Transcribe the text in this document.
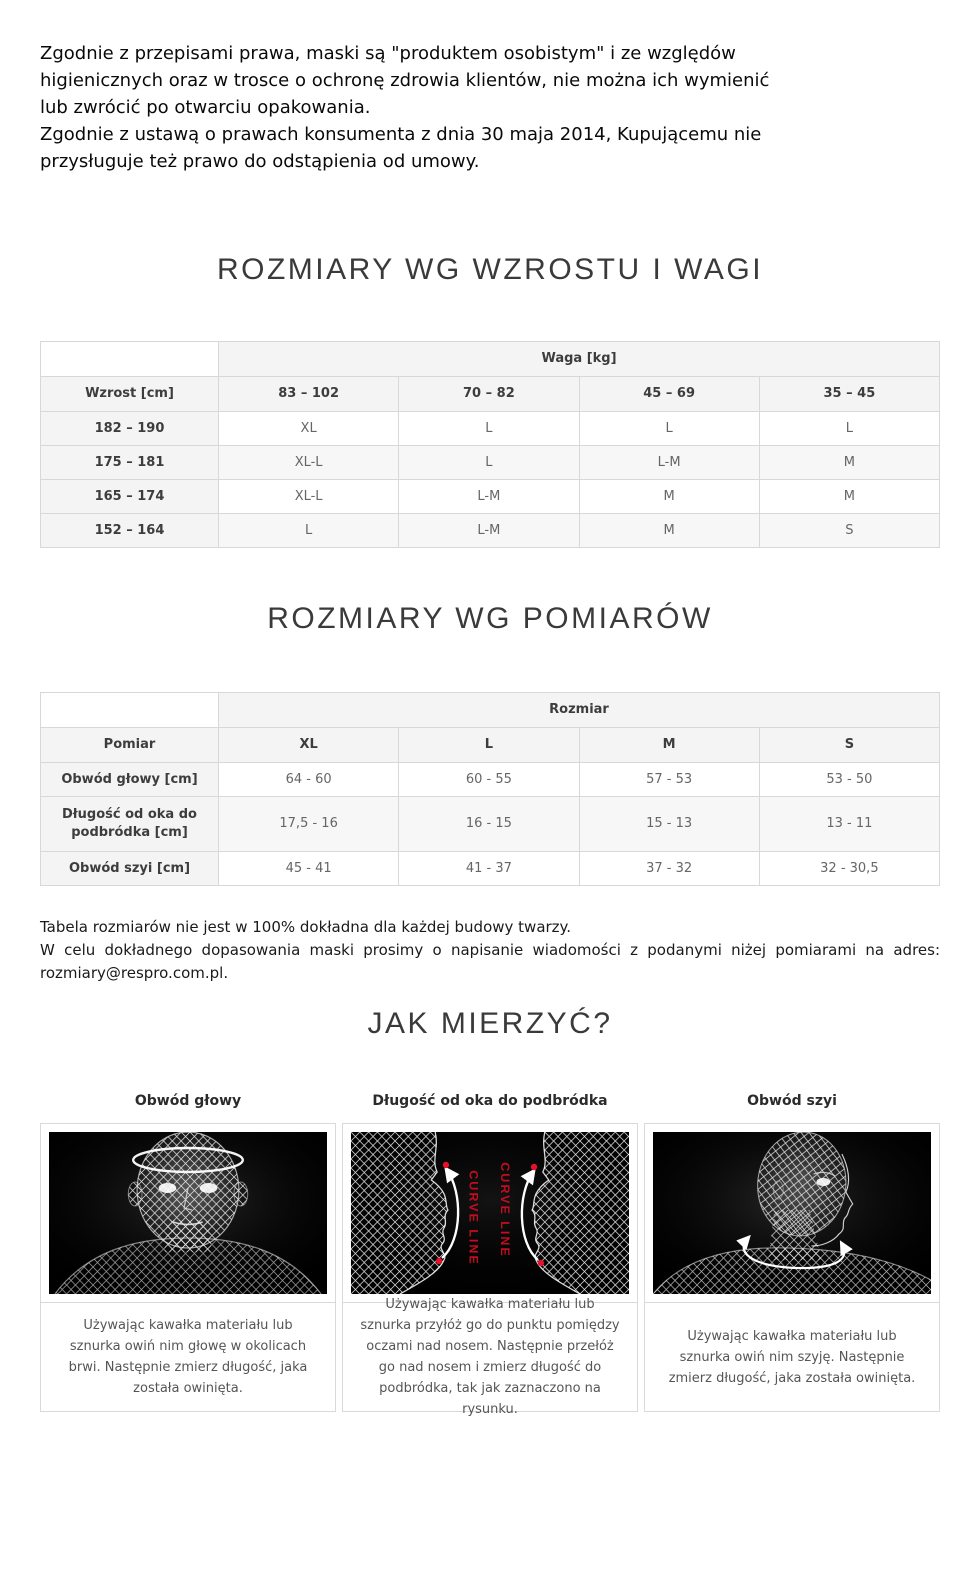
Zgodnie z przepisami prawa, maski są "produktem osobistym" i ze względów
higienicznych oraz w trosce o ochronę zdrowia klientów, nie można ich wymienić
lub zwrócić po otwarciu opakowania.
Zgodnie z ustawą o prawach konsumenta z dnia 30 maja 2014, Kupującemu nie
przysługuje też prawo do odstąpienia od umowy.
ROZMIARY WG WZROSTU I WAGI
	Waga [kg]			
Wzrost [cm]	83 – 102	70 – 82	45 – 69	35 – 45
182 – 190	XL	L	L	L
175 – 181	XL-L	L	L-M	M
165 – 174	XL-L	L-M	M	M
152 – 164	L	L-M	M	S
ROZMIARY WG POMIARÓW
	Rozmiar			
Pomiar	XL	L	M	S
Obwód głowy [cm]	64 - 60	60 - 55	57 - 53	53 - 50
Długość od oka do podbródka [cm]	17,5 - 16	16 - 15	15 - 13	13 - 11
Obwód szyi [cm]	45 - 41	41 - 37	37 - 32	32 - 30,5
Tabela rozmiarów nie jest w 100% dokładna dla każdej budowy twarzy.
W celu dokładnego dopasowania maski prosimy o napisanie wiadomości z podanymi niżej pomiarami na adres:
rozmiary@respro.com.pl.
JAK MIERZYĆ?
Obwód głowy	Długość od oka do podbródka	Obwód szyi
Używając kawałka materiału lub sznurka owiń nim głowę w okolicach brwi. Następnie zmierz długość, jaka została owinięta.
CURVE LINE CURVE LINE
Używając kawałka materiału lub sznurka przyłóż go do punktu pomiędzy oczami nad nosem. Następnie przełóż go nad nosem i zmierz długość do podbródka, tak jak zaznaczono na rysunku.
Używając kawałka materiału lub sznurka owiń nim szyję. Następnie zmierz długość, jaka została owinięta.
